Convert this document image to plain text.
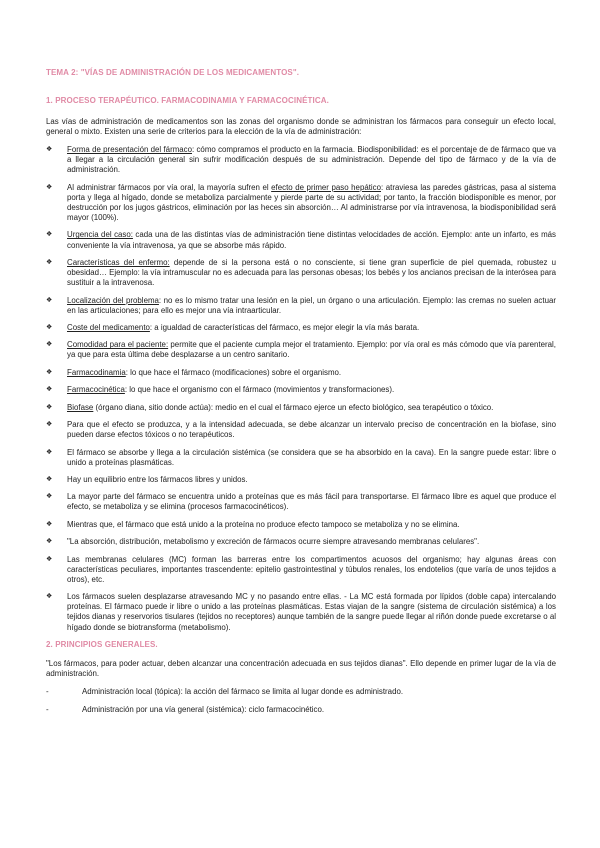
TEMA 2: "VÍAS DE ADMINISTRACIÓN DE LOS MEDICAMENTOS".
1. PROCESO TERAPÉUTICO. FARMACODINAMIA Y FARMACOCINÉTICA.

Las vías de administración de medicamentos son las zonas del organismo donde se administran los fármacos para conseguir un efecto local, general o mixto. Existen una serie de criterios para la elección de la vía de administración:

❖	Forma de presentación del fármaco: cómo compramos el producto en la farmacia. Biodisponibilidad: es el porcentaje de de fármaco que va a llegar a la circulación general sin sufrir modificación después de su administración. Depende del tipo de fármaco y de la vía de administración.
❖	Al administrar fármacos por vía oral, la mayoría sufren el efecto de primer paso hepático: atraviesa las paredes gástricas, pasa al sistema porta y llega al hígado, donde se metaboliza parcialmente y pierde parte de su actividad; por tanto, la fracción biodisponible es menor, por destrucción por los jugos gástricos, eliminación por las heces sin absorción… Al administrarse por vía intravenosa, la biodisponibilidad será mayor (100%).
❖	Urgencia del caso: cada una de las distintas vías de administración tiene distintas velocidades de acción. Ejemplo: ante un infarto, es más conveniente la vía intravenosa, ya que se absorbe más rápido.
❖	Características del enfermo: depende de si la persona está o no consciente, si tiene gran superficie de piel quemada, robustez u obesidad… Ejemplo: la vía intramuscular no es adecuada para las personas obesas; los bebés y los ancianos precisan de la interósea para sustituir a la intravenosa.
❖	Localización del problema: no es lo mismo tratar una lesión en la piel, un órgano o una articulación. Ejemplo: las cremas no suelen actuar en las articulaciones; para ello es mejor una vía intraarticular.
❖	Coste del medicamento: a igualdad de características del fármaco, es mejor elegir la vía más barata.
❖	Comodidad para el paciente: permite que el paciente cumpla mejor el tratamiento. Ejemplo: por vía oral es más cómodo que vía parenteral, ya que para esta última debe desplazarse a un centro sanitario.
❖	Farmacodinamia: lo que hace el fármaco (modificaciones) sobre el organismo.
❖	Farmacocinética: lo que hace el organismo con el fármaco (movimientos y transformaciones).
❖	Biofase (órgano diana, sitio donde actúa): medio en el cual el fármaco ejerce un efecto biológico, sea terapéutico o tóxico.
❖	Para que el efecto se produzca, y a la intensidad adecuada, se debe alcanzar un intervalo preciso de concentración en la biofase, sino pueden darse efectos tóxicos o no terapéuticos.
❖	El fármaco se absorbe y llega a la circulación sistémica (se considera que se ha absorbido en la cava). En la sangre puede estar: libre o unido a proteínas plasmáticas.
❖	Hay un equilibrio entre los fármacos libres y unidos.
❖	La mayor parte del fármaco se encuentra unido a proteínas que es más fácil para transportarse. El fármaco libre es aquel que produce el efecto, se metaboliza y se elimina (procesos farmacocinéticos).
❖	Mientras que, el fármaco que está unido a la proteína no produce efecto tampoco se metaboliza y no se elimina.
❖	"La absorción, distribución, metabolismo y excreción de fármacos ocurre siempre atravesando membranas celulares".
❖	Las membranas celulares (MC) forman las barreras entre los compartimentos acuosos del organismo; hay algunas áreas con características peculiares, importantes trascendente: epitelio gastrointestinal y túbulos renales, los endotelios (que varía de unos tejidos a otros), etc.
❖	Los fármacos suelen desplazarse atravesando MC y no pasando entre ellas. - La MC está formada por lípidos (doble capa) intercalando proteínas. El fármaco puede ir libre o unido a las proteínas plasmáticas. Estas viajan de la sangre (sistema de circulación sistémica) a los tejidos dianas y reservorios tisulares (tejidos no receptores) aunque también de la sangre puede llegar al riñón donde puede excretarse o al hígado donde se biotransforma (metabolismo).
2. PRINCIPIOS GENERALES.

"Los fármacos, para poder actuar, deben alcanzar una concentración adecuada en sus tejidos dianas". Ello depende en primer lugar de la vía de administración.

-	Administración local (tópica): la acción del fármaco se limita al lugar donde es administrado.
-	Administración por una vía general (sistémica): ciclo farmacocinético.
